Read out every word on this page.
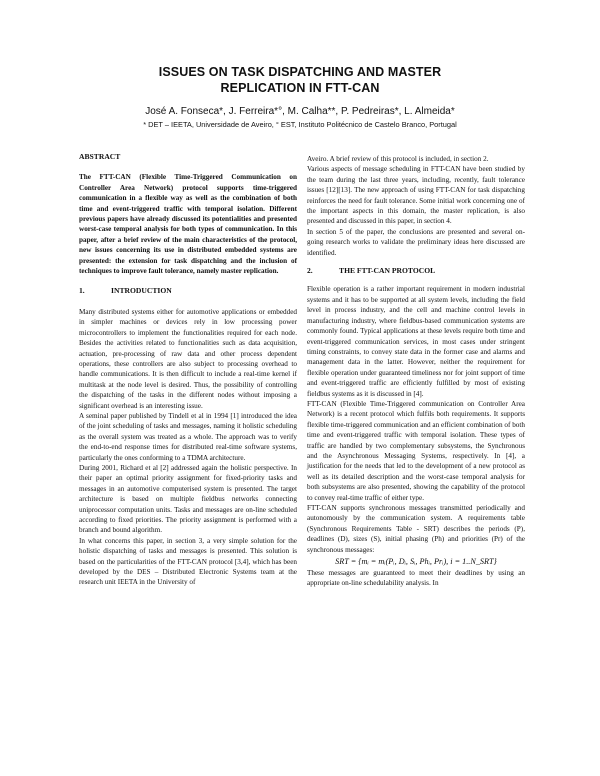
ISSUES ON TASK DISPATCHING AND MASTER
REPLICATION IN FTT-CAN
José A. Fonseca*, J. Ferreira*°, M. Calha**, P. Pedreiras*, L. Almeida*
* DET – IEETA, Universidade de Aveiro, ° EST, Instituto Politécnico de Castelo Branco, Portugal

ABSTRACT

The FTT-CAN (Flexible Time-Triggered Communication on Controller Area Network) protocol supports time-triggered communication in a flexible way as well as the combination of both time and event-triggered traffic with temporal isolation. Different previous papers have already discussed its potentialities and presented worst-case temporal analysis for both types of communication. In this paper, after a brief review of the main characteristics of the protocol, new issues concerning its use in distributed embedded systems are presented: the extension for task dispatching and the inclusion of techniques to improve fault tolerance, namely master replication.

1.	INTRODUCTION

Many distributed systems either for automotive applications or embedded in simpler machines or devices rely in low processing power microcontrollers to implement the functionalities required for each node. Besides the activities related to functionalities such as data acquisition, actuation, pre-processing of raw data and other process dependent operations, these controllers are also subject to processing overhead to handle communications. It is then difficult to include a real-time kernel if multitask at the node level is desired. Thus, the possibility of controlling the dispatching of the tasks in the different nodes without imposing a significant overhead is an interesting issue.

A seminal paper published by Tindell et al in 1994 [1] introduced the idea of the joint scheduling of tasks and messages, naming it holistic scheduling as the overall system was treated as a whole. The approach was to verify the end-to-end response times for distributed real-time software systems, particularly the ones conforming to a TDMA architecture.

During 2001, Richard et al [2] addressed again the holistic perspective. In their paper an optimal priority assignment for fixed-priority tasks and messages in an automotive computerised system is presented. The target architecture is based on multiple fieldbus networks connecting uniprocessor computation units. Tasks and messages are on-line scheduled according to fixed priorities. The priority assignment is performed with a branch and bound algorithm.

In what concerns this paper, in section 3, a very simple solution for the holistic dispatching of tasks and messages is presented. This solution is based on the particularities of the FTT-CAN protocol [3,4], which has been developed by the DES – Distributed Electronic Systems team at the research unit IEETA in the University of

Aveiro. A brief review of this protocol is included, in section 2.

Various aspects of message scheduling in FTT-CAN have been studied by the team during the last three years, including, recently, fault tolerance issues [12][13]. The new approach of using FTT-CAN for task dispatching reinforces the need for fault tolerance. Some initial work concerning one of the important aspects in this domain, the master replication, is also presented and discussed in this paper, in section 4.

In section 5 of the paper, the conclusions are presented and several on-going research works to validate the preliminary ideas here discussed are identified.

2.	THE FTT-CAN PROTOCOL

Flexible operation is a rather important requirement in modern industrial systems and it has to be supported at all system levels, including the field level in process industry, and the cell and machine control levels in manufacturing industry, where fieldbus-based communication systems are commonly found. Typical applications at these levels require both time and event-triggered communication services, in most cases under stringent timing constraints, to convey state data in the former case and alarms and management data in the latter. However, neither the requirement for flexible operation under guaranteed timeliness nor for joint support of time and event-triggered traffic are efficiently fulfilled by most of existing fieldbus systems as it is discussed in [4].

FTT-CAN (Flexible Time-Triggered communication on Controller Area Network) is a recent protocol which fulfils both requirements. It supports flexible time-triggered communication and an efficient combination of both time and event-triggered traffic with temporal isolation. These types of traffic are handled by two complementary subsystems, the Synchronous and the Asynchronous Messaging Systems, respectively. In [4], a justification for the needs that led to the development of a new protocol as well as its detailed description and the worst-case temporal analysis for both subsystems are also presented, showing the capability of the protocol to convey real-time traffic of either type.

FTT-CAN supports synchronous messages transmitted periodically and autonomously by the communication system. A requirements table (Synchronous Requirements Table - SRT) describes the periods (P), deadlines (D), sizes (S), initial phasing (Ph) and priorities (Pr) of the synchronous messages:

SRT = {mᵢ = mᵢ(Pᵢ, Dᵢ, Sᵢ, Phᵢ, Prᵢ), i = 1..N_SRT}

These messages are guaranteed to meet their deadlines by using an appropriate on-line schedulability analysis. In
